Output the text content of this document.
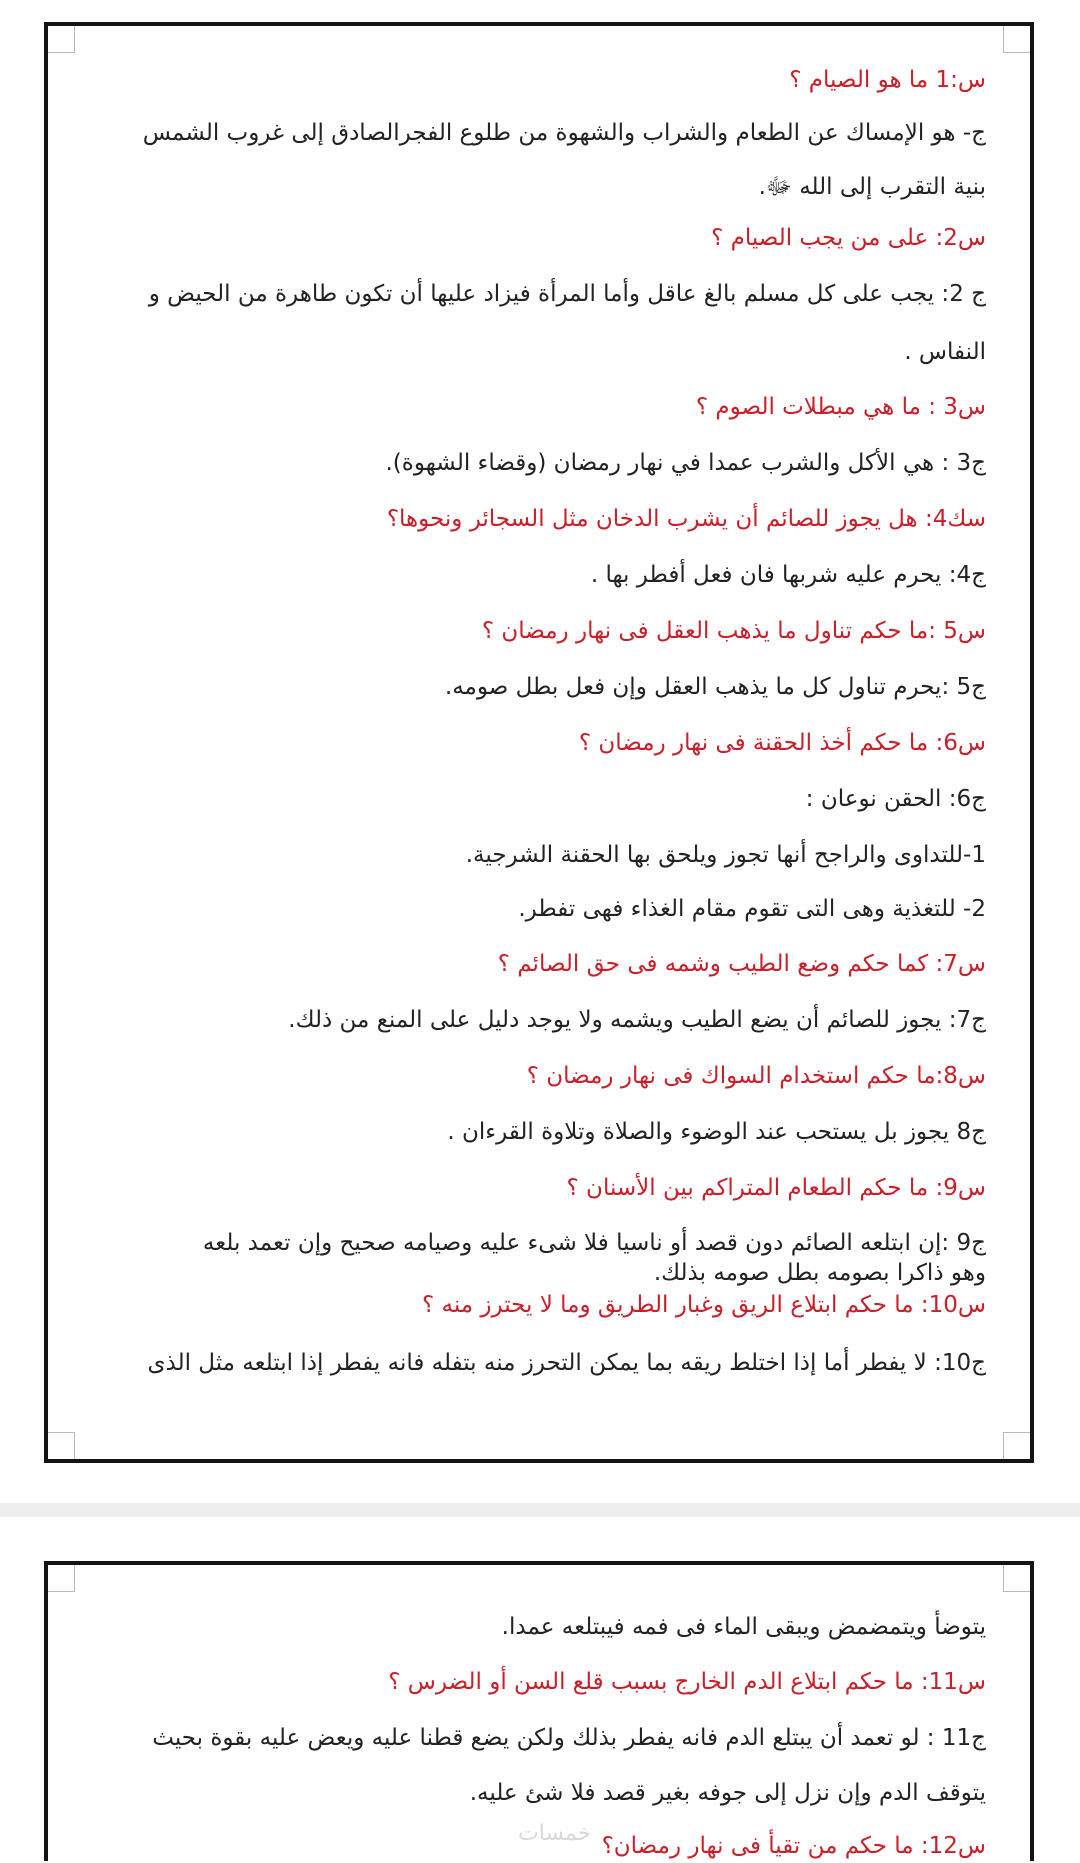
س:1 ما هو الصيام ؟
ج- هو الإمساك عن الطعام والشراب والشهوة من طلوع الفجرالصادق إلى غروب الشمس
بنية التقرب إلى الله ﷻ.
س2: على من يجب الصيام ؟
ج 2: يجب على كل مسلم بالغ عاقل وأما المرأة فيزاد عليها أن تكون طاهرة من الحيض و
النفاس .
س3 : ما هي مبطلات الصوم ؟
ج3 : هي الأكل والشرب عمدا في نهار رمضان (وقضاء الشهوة).
سك4: هل يجوز للصائم أن يشرب الدخان مثل السجائر ونحوها؟
ج4: يحرم عليه شربها فان فعل أفطر بها .
س5 :ما حكم تناول ما يذهب العقل فى نهار رمضان ؟
ج5 :يحرم تناول كل ما يذهب العقل وإن فعل بطل صومه.
س6: ما حكم أخذ الحقنة فى نهار رمضان ؟
ج6: الحقن نوعان :
1-للتداوى والراجح أنها تجوز ويلحق بها الحقنة الشرجية.
2- للتغذية وهى التى تقوم مقام الغذاء فهى تفطر.
س7: كما حكم وضع الطيب وشمه فى حق الصائم ؟
ج7: يجوز للصائم أن يضع الطيب ويشمه ولا يوجد دليل على المنع من ذلك.
س8:ما حكم استخدام السواك فى نهار رمضان ؟
ج8 يجوز بل يستحب عند الوضوء والصلاة وتلاوة القرءان .
س9: ما حكم الطعام المتراكم بين الأسنان ؟
ج9 :إن ابتلعه الصائم دون قصد أو ناسيا فلا شىء عليه وصيامه صحيح وإن تعمد بلعه
وهو ذاكرا بصومه بطل صومه بذلك.
س10: ما حكم ابتلاع الريق وغبار الطريق وما لا يحترز منه ؟
ج10: لا يفطر أما إذا اختلط ريقه بما يمكن التحرز منه بتفله فانه يفطر إذا ابتلعه مثل الذى
يتوضأ ويتمضمض ويبقى الماء فى فمه فيبتلعه عمدا.
س11: ما حكم ابتلاع الدم الخارج بسبب قلع السن أو الضرس ؟
ج11 : لو تعمد أن يبتلع الدم فانه يفطر بذلك ولكن يضع قطنا عليه ويعض عليه بقوة بحيث
يتوقف الدم وإن نزل إلى جوفه بغير قصد فلا شئ عليه.
س12: ما حكم من تقيأ فى نهار رمضان؟
خمسات
